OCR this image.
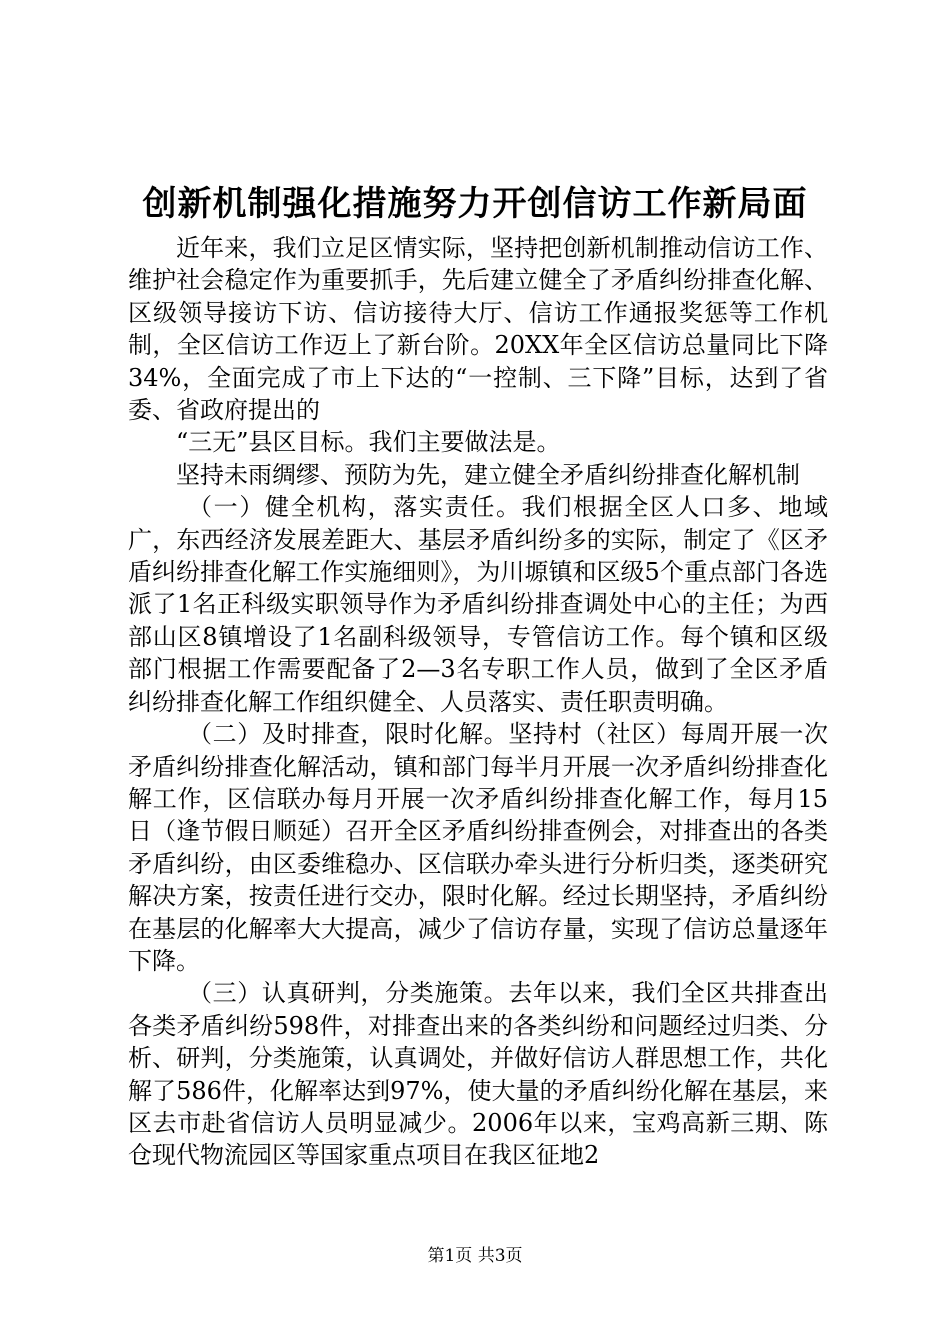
创新机制强化措施努力开创信访工作新局面

近年来，我们立足区情实际，坚持把创新机制推动信访工作、维护社会稳定作为重要抓手，先后建立健全了矛盾纠纷排查化解、区级领导接访下访、信访接待大厅、信访工作通报奖惩等工作机制，全区信访工作迈上了新台阶。20XX年全区信访总量同比下降34%，全面完成了市上下达的“一控制、三下降”目标，达到了省委、省政府提出的

“三无”县区目标。我们主要做法是。

坚持未雨绸缪、预防为先，建立健全矛盾纠纷排查化解机制

（一）健全机构，落实责任。我们根据全区人口多、地域广，东西经济发展差距大、基层矛盾纠纷多的实际，制定了《区矛盾纠纷排查化解工作实施细则》，为川塬镇和区级5个重点部门各选派了1名正科级实职领导作为矛盾纠纷排查调处中心的主任；为西部山区8镇增设了1名副科级领导，专管信访工作。每个镇和区级部门根据工作需要配备了2—3名专职工作人员，做到了全区矛盾纠纷排查化解工作组织健全、人员落实、责任职责明确。

（二）及时排查，限时化解。坚持村（社区）每周开展一次矛盾纠纷排查化解活动，镇和部门每半月开展一次矛盾纠纷排查化解工作，区信联办每月开展一次矛盾纠纷排查化解工作，每月15日（逢节假日顺延）召开全区矛盾纠纷排查例会，对排查出的各类矛盾纠纷，由区委维稳办、区信联办牵头进行分析归类，逐类研究解决方案，按责任进行交办，限时化解。经过长期坚持，矛盾纠纷在基层的化解率大大提高，减少了信访存量，实现了信访总量逐年下降。

（三）认真研判，分类施策。去年以来，我们全区共排查出各类矛盾纠纷598件，对排查出来的各类纠纷和问题经过归类、分析、研判，分类施策，认真调处，并做好信访人群思想工作，共化解了586件，化解率达到97%，使大量的矛盾纠纷化解在基层，来区去市赴省信访人员明显减少。2006年以来，宝鸡高新三期、陈仓现代物流园区等国家重点项目在我区征地2

第1页 共3页
